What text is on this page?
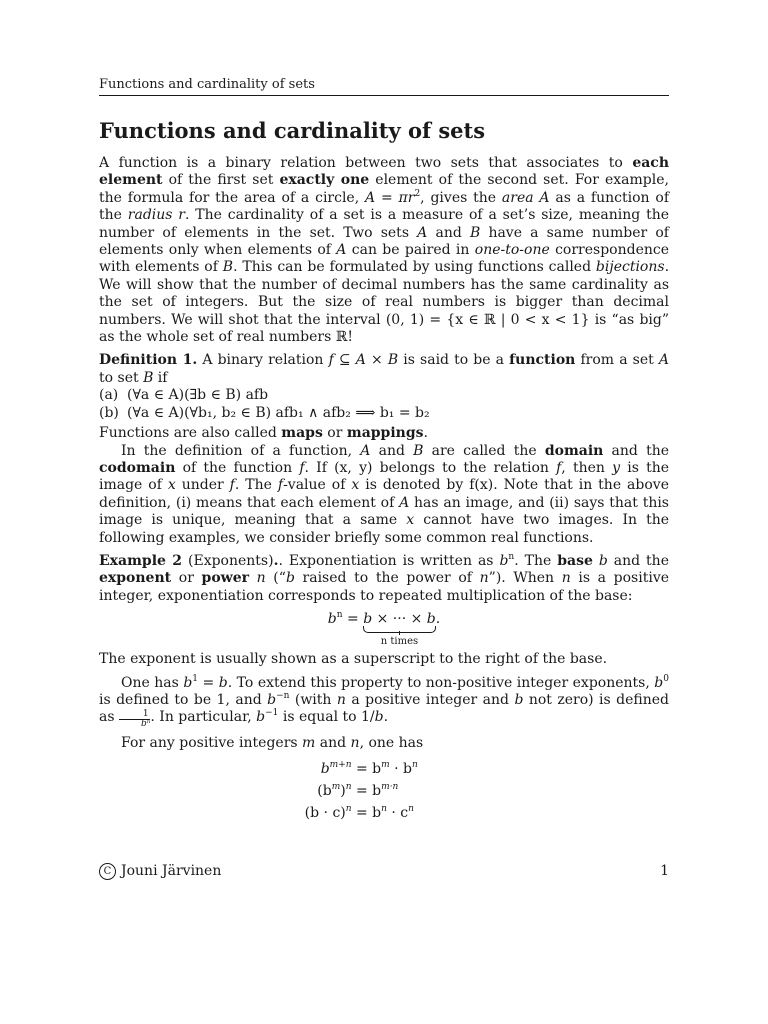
Functions and cardinality of sets
Functions and cardinality of sets

A function is a binary relation between two sets that associates to each element of the first set exactly one element of the second set. For example, the formula for the area of a circle, $A = \pi r^2$, gives the area A as a function of the radius r. The cardinality of a set is a measure of a set’s size, meaning the number of elements in the set. Two sets A and B have a same number of elements only when elements of A can be paired in one-to-one correspondence with elements of B. This can be formulated by using functions called bijections. We will show that the number of decimal numbers has the same cardinality as the set of integers. But the size of real numbers is bigger than decimal numbers. We will shot that the interval (0, 1) = {x ∈ ℝ | 0 < x < 1} is “as big” as the whole set of real numbers ℝ!

Definition 1. A binary relation f ⊆ A × B is said to be a function from a set A to set B if

(a) (∀a ∈ A)(∃b ∈ B) afb

(b) (∀a ∈ A)(∀b₁, b₂ ∈ B) afb₁ ∧ afb₂ ⟹ b₁ = b₂

Functions are also called maps or mappings.

In the definition of a function, A and B are called the domain and the codomain of the function f. If (x, y) belongs to the relation f, then y is the image of x under f. The f-value of x is denoted by f(x). Note that in the above definition, (i) means that each element of A has an image, and (ii) says that this image is unique, meaning that a same x cannot have two images. In the following examples, we consider briefly some common real functions.

Example 2 (Exponents).. Exponentiation is written as $b^n$. The base b and the exponent or power n (“b raised to the power of n”). When n is a positive integer, exponentiation corresponds to repeated multiplication of the base:

$b^n = b$ × ··· × b
n times
.

The exponent is usually shown as a superscript to the right of the base.

One has $b^1 = b$. To extend this property to non-positive integer exponents, $b^0$ is defined to be 1, and $b^{-n}$ (with n a positive integer and b not zero) is defined as $\frac{1}{\text{bⁿ}}$ . In particular, $b^{-1}$ is equal to 1/b.

For any positive integers m and n, one has

$b^{m+n} = b^m \cdot b^n$
$(b^m)^n = b^{m\cdot n}$
$(b \cdot c)^n = b^n \cdot c^n$
C Jouni Järvinen	1
